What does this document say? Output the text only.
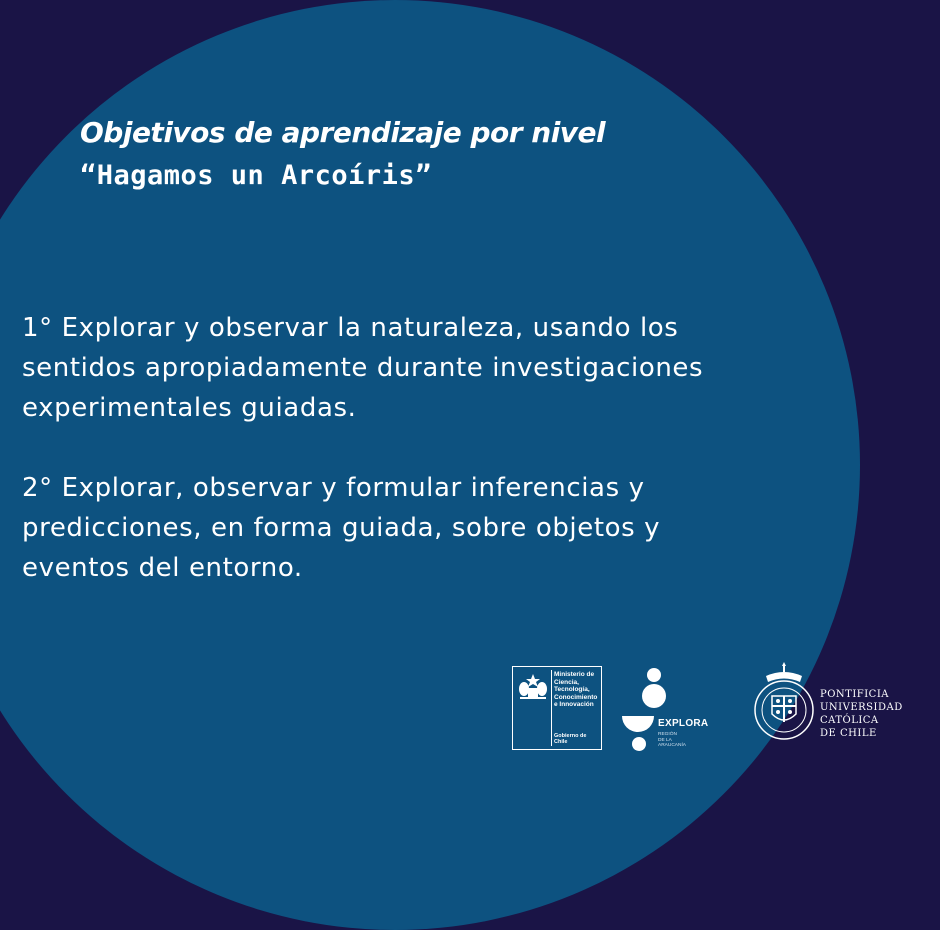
Objetivos de aprendizaje por nivel
“Hagamos un Arcoíris”
1° Explorar y observar la naturaleza, usando los
sentidos apropiadamente durante investigaciones
experimentales guiadas.
2° Explorar, observar y formular inferencias y
predicciones, en forma guiada, sobre objetos y
eventos del entorno.
Ministerio de
Ciencia,
Tecnología,
Conocimiento
e Innovación
Gobierno de Chile
EXPLORA
REGIÓN
DE LA
ARAUCANÍA
PONTIFICIA
UNIVERSIDAD
CATÓLICA
DE CHILE
